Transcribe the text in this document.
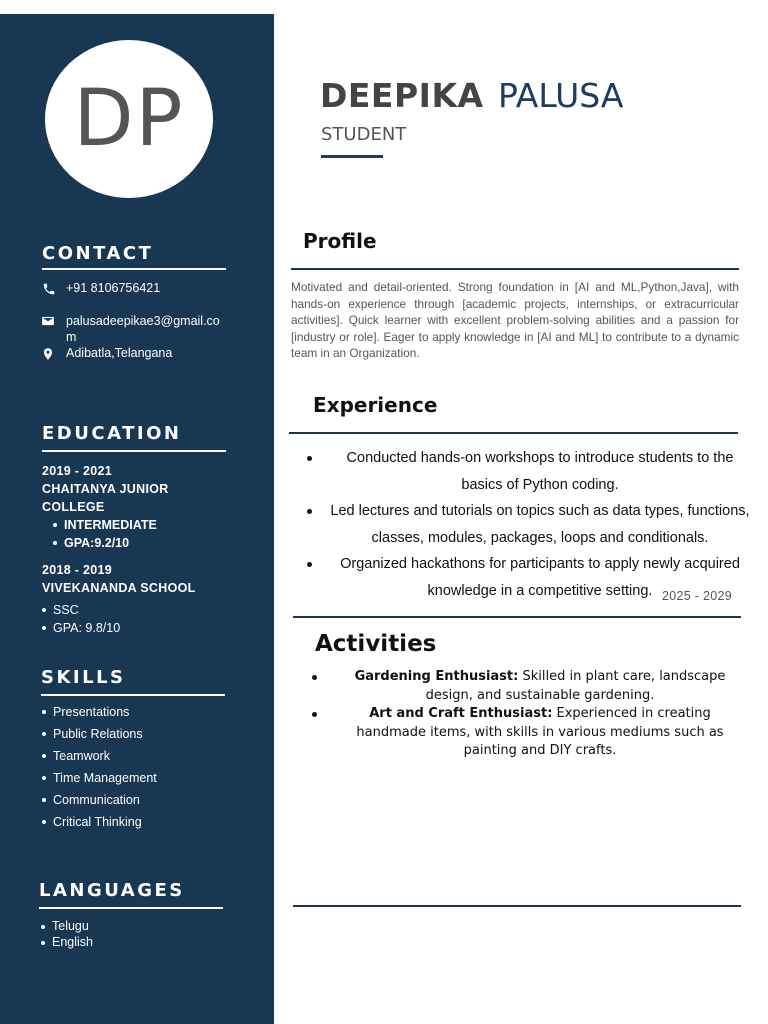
DP
CONTACT
+91 8106756421
palusadeepikae3@gmail.co
m
Adibatla,Telangana
EDUCATION
2019 - 2021
CHAITANYA JUNIOR
COLLEGE
INTERMEDIATE
GPA:9.2/10
2018 - 2019
VIVEKANANDA SCHOOL
SSC
GPA: 9.8/10
SKILLS
Presentations
Public Relations
Teamwork
Time Management
Communication
Critical Thinking
LANGUAGES
Telugu
English
DEEPIKA PALUSA
STUDENT
Profile
Motivated and detail-oriented. Strong foundation in [AI and ML,Python,Java], with hands-on experience through [academic projects, internships, or extracurricular activities]. Quick learner with excellent problem-solving abilities and a passion for [industry or role]. Eager to apply knowledge in [AI and ML] to contribute to a dynamic team in an Organization.
Experience
Conducted hands-on workshops to introduce students to the basics of Python coding.
Led lectures and tutorials on topics such as data types, functions, classes, modules, packages, loops and conditionals.
Organized hackathons for participants to apply newly acquired knowledge in a competitive setting. 2025 - 2029
Activities
Gardening Enthusiast: Skilled in plant care, landscape design, and sustainable gardening.
Art and Craft Enthusiast: Experienced in creating handmade items, with skills in various mediums such as painting and DIY crafts.
